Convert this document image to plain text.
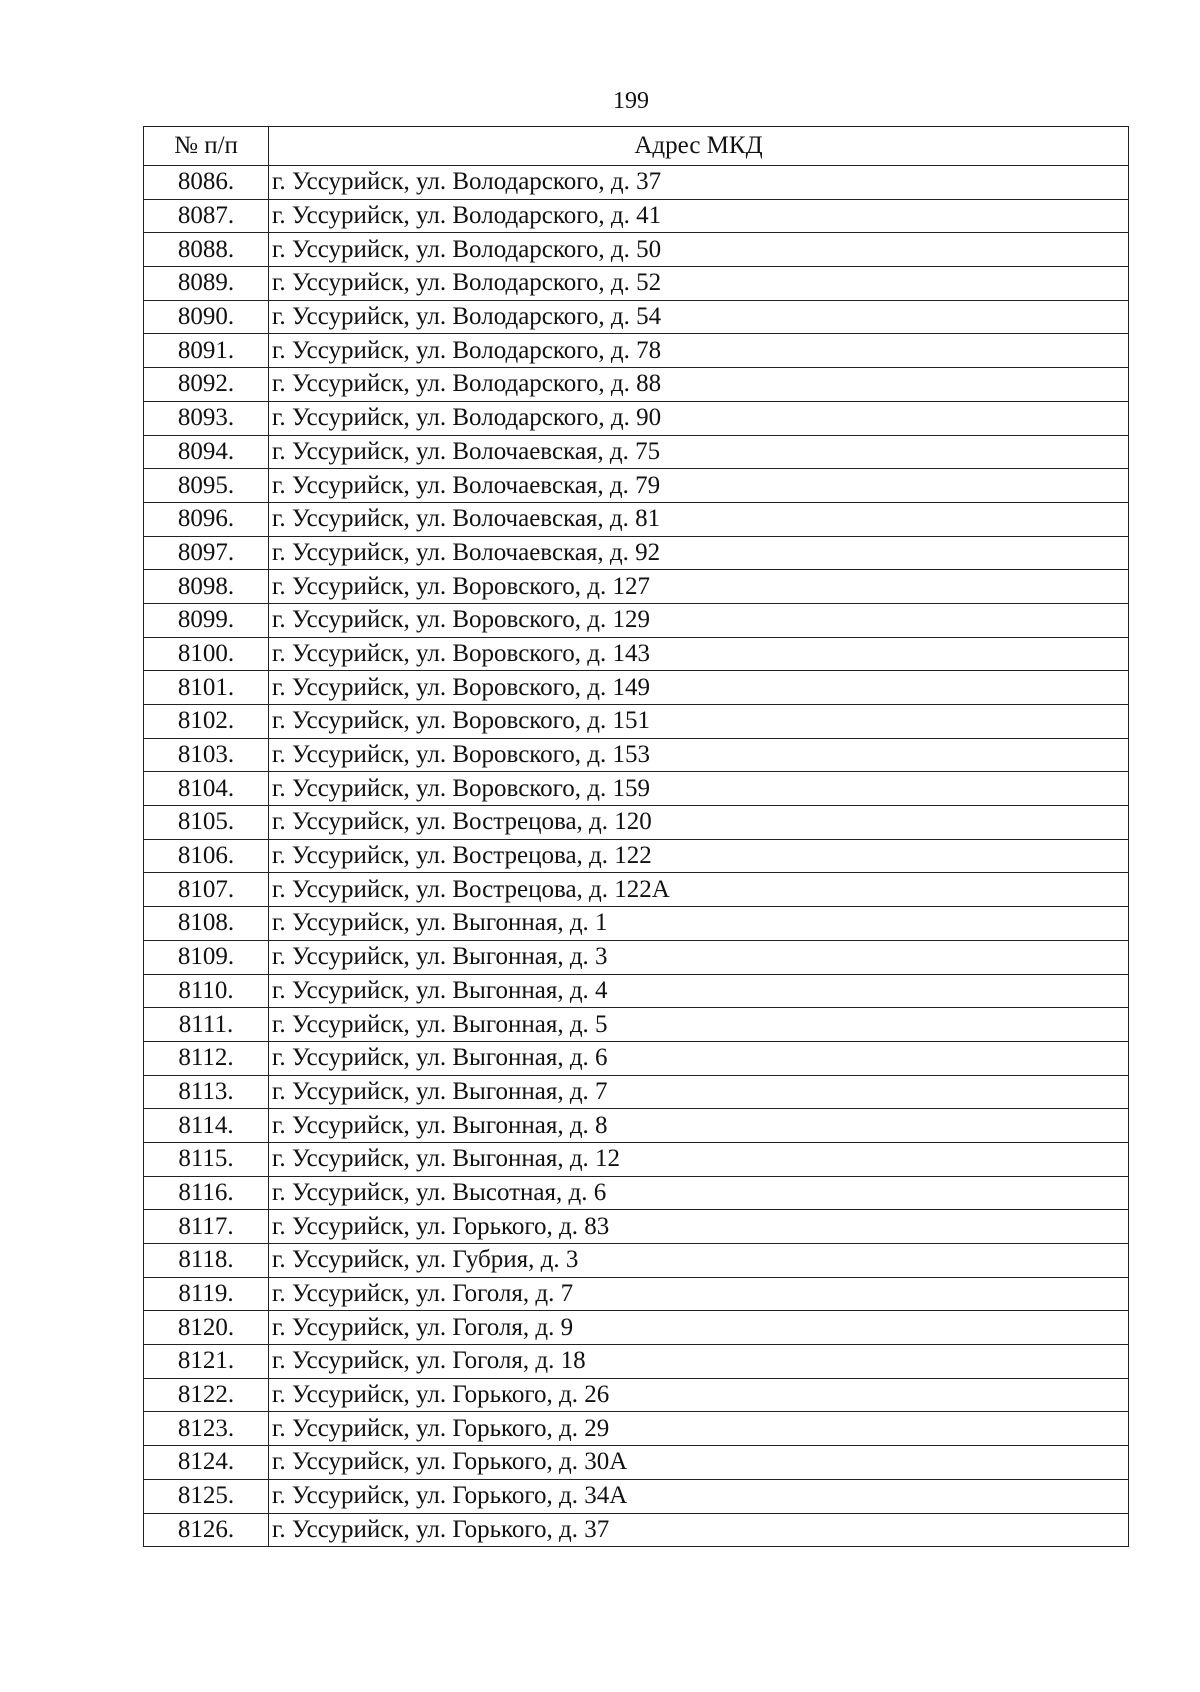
199
№ п/п	Адрес МКД
8086.	г. Уссурийск, ул. Володарского, д. 37
8087.	г. Уссурийск, ул. Володарского, д. 41
8088.	г. Уссурийск, ул. Володарского, д. 50
8089.	г. Уссурийск, ул. Володарского, д. 52
8090.	г. Уссурийск, ул. Володарского, д. 54
8091.	г. Уссурийск, ул. Володарского, д. 78
8092.	г. Уссурийск, ул. Володарского, д. 88
8093.	г. Уссурийск, ул. Володарского, д. 90
8094.	г. Уссурийск, ул. Волочаевская, д. 75
8095.	г. Уссурийск, ул. Волочаевская, д. 79
8096.	г. Уссурийск, ул. Волочаевская, д. 81
8097.	г. Уссурийск, ул. Волочаевская, д. 92
8098.	г. Уссурийск, ул. Воровского, д. 127
8099.	г. Уссурийск, ул. Воровского, д. 129
8100.	г. Уссурийск, ул. Воровского, д. 143
8101.	г. Уссурийск, ул. Воровского, д. 149
8102.	г. Уссурийск, ул. Воровского, д. 151
8103.	г. Уссурийск, ул. Воровского, д. 153
8104.	г. Уссурийск, ул. Воровского, д. 159
8105.	г. Уссурийск, ул. Вострецова, д. 120
8106.	г. Уссурийск, ул. Вострецова, д. 122
8107.	г. Уссурийск, ул. Вострецова, д. 122А
8108.	г. Уссурийск, ул. Выгонная, д. 1
8109.	г. Уссурийск, ул. Выгонная, д. 3
8110.	г. Уссурийск, ул. Выгонная, д. 4
8111.	г. Уссурийск, ул. Выгонная, д. 5
8112.	г. Уссурийск, ул. Выгонная, д. 6
8113.	г. Уссурийск, ул. Выгонная, д. 7
8114.	г. Уссурийск, ул. Выгонная, д. 8
8115.	г. Уссурийск, ул. Выгонная, д. 12
8116.	г. Уссурийск, ул. Высотная, д. 6
8117.	г. Уссурийск, ул. Горького, д. 83
8118.	г. Уссурийск, ул. Губрия, д. 3
8119.	г. Уссурийск, ул. Гоголя, д. 7
8120.	г. Уссурийск, ул. Гоголя, д. 9
8121.	г. Уссурийск, ул. Гоголя, д. 18
8122.	г. Уссурийск, ул. Горького, д. 26
8123.	г. Уссурийск, ул. Горького, д. 29
8124.	г. Уссурийск, ул. Горького, д. 30А
8125.	г. Уссурийск, ул. Горького, д. 34А
8126.	г. Уссурийск, ул. Горького, д. 37
